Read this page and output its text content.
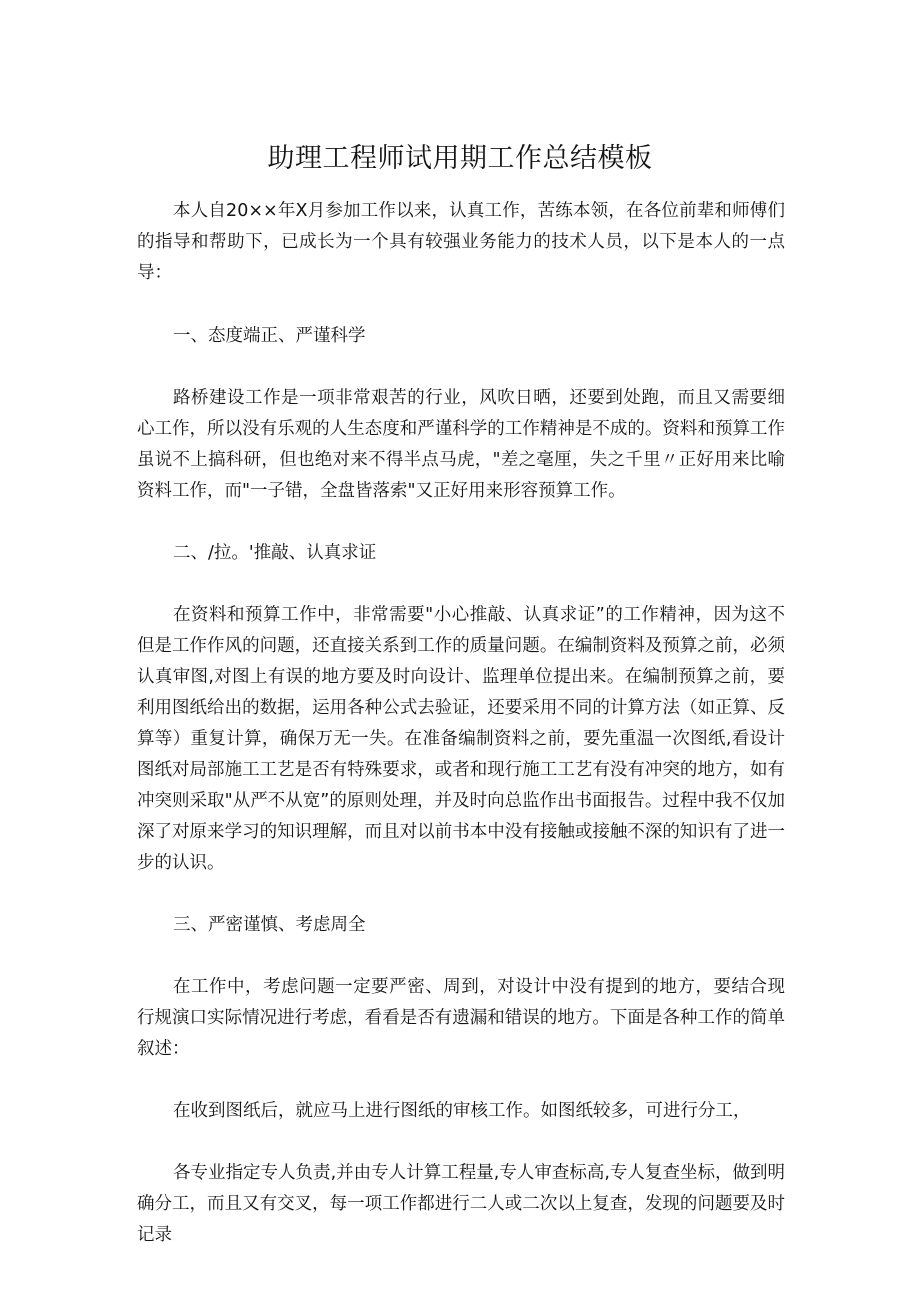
助理工程师试用期工作总结模板

本人自20××年X月参加工作以来，认真工作，苦练本领，在各位前辈和师傅们的指导和帮助下，已成长为一个具有较强业务能力的技术人员，以下是本人的一点导：

一、态度端正、严谨科学

路桥建设工作是一项非常艰苦的行业，风吹日晒，还要到处跑，而且又需要细心工作，所以没有乐观的人生态度和严谨科学的工作精神是不成的。资料和预算工作虽说不上搞科研，但也绝对来不得半点马虎，"差之毫厘，失之千里〃正好用来比喻资料工作，而"一子错，全盘皆落索"又正好用来形容预算工作。

二、/拉。'推敲、认真求证

在资料和预算工作中，非常需要"小心推敲、认真求证”的工作精神，因为这不但是工作作风的问题，还直接关系到工作的质量问题。在编制资料及预算之前，必须认真审图,对图上有误的地方要及时向设计、监理单位提出来。在编制预算之前，要利用图纸给出的数据，运用各种公式去验证，还要采用不同的计算方法（如正算、反算等）重复计算，确保万无一失。在准备编制资料之前，要先重温一次图纸,看设计图纸对局部施工工艺是否有特殊要求，或者和现行施工工艺有没有冲突的地方，如有冲突则采取"从严不从宽”的原则处理，并及时向总监作出书面报告。过程中我不仅加深了对原来学习的知识理解，而且对以前书本中没有接触或接触不深的知识有了进一步的认识。

三、严密谨慎、考虑周全

在工作中，考虑问题一定要严密、周到，对设计中没有提到的地方，要结合现行规演口实际情况进行考虑，看看是否有遗漏和错误的地方。下面是各种工作的简单叙述：

在收到图纸后，就应马上进行图纸的审核工作。如图纸较多，可进行分工，

各专业指定专人负责,并由专人计算工程量,专人审查标高,专人复查坐标，做到明确分工，而且又有交叉，每一项工作都进行二人或二次以上复查，发现的问题要及时记录
